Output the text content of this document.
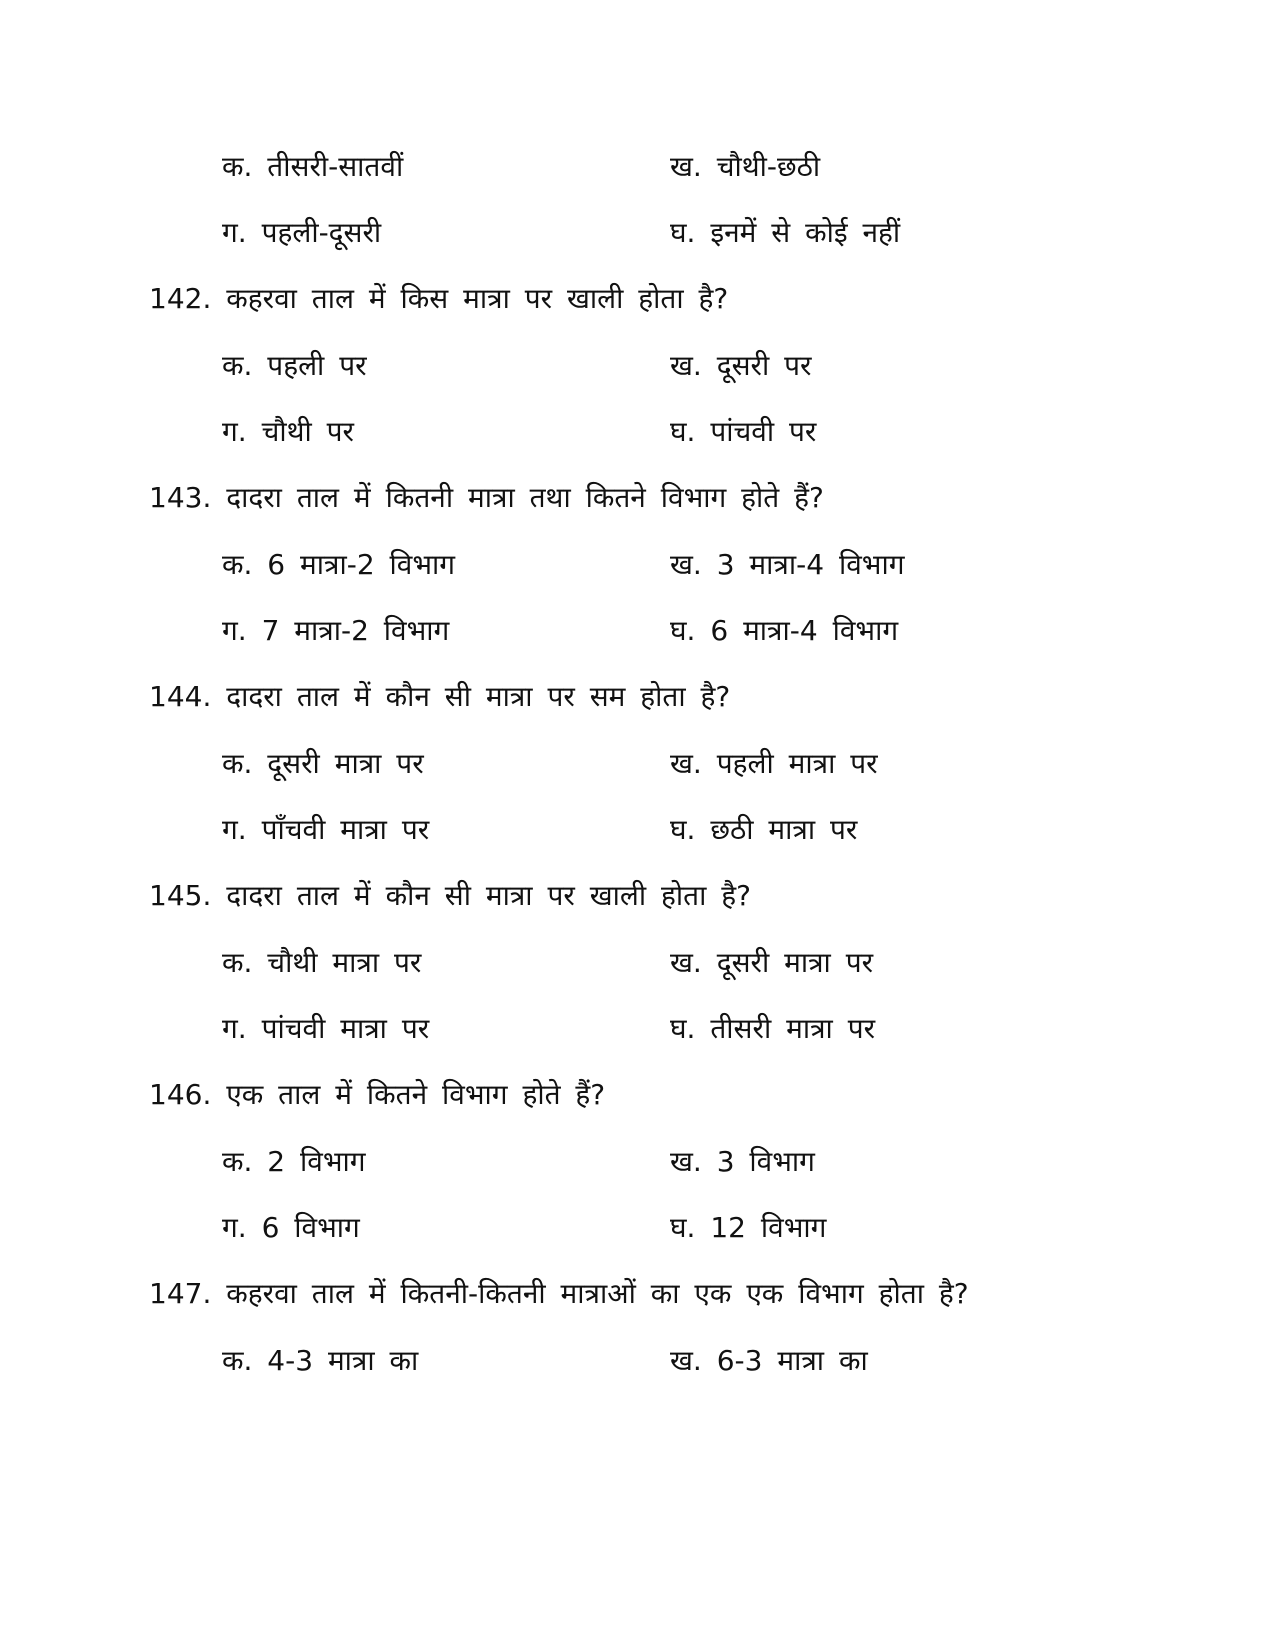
क. तीसरी-सातवीं	ख. चौथी-छठी
ग. पहली-दूसरी	घ. इनमें से कोई नहीं
142. कहरवा ताल में किस मात्रा पर खाली होता है?
क. पहली पर	ख. दूसरी पर
ग. चौथी पर	घ. पांचवी पर
143. दादरा ताल में कितनी मात्रा तथा कितने विभाग होते हैं?
क. 6 मात्रा-2 विभाग	ख. 3 मात्रा-4 विभाग
ग. 7 मात्रा-2 विभाग	घ. 6 मात्रा-4 विभाग
144. दादरा ताल में कौन सी मात्रा पर सम होता है?
क. दूसरी मात्रा पर	ख. पहली मात्रा पर
ग. पाँचवी मात्रा पर	घ. छठी मात्रा पर
145. दादरा ताल में कौन सी मात्रा पर खाली होता है?
क. चौथी मात्रा पर	ख. दूसरी मात्रा पर
ग. पांचवी मात्रा पर	घ. तीसरी मात्रा पर
146. एक ताल में कितने विभाग होते हैं?
क. 2 विभाग	ख. 3 विभाग
ग. 6 विभाग	घ. 12 विभाग
147. कहरवा ताल में कितनी-कितनी मात्राओं का एक एक विभाग होता है?
क. 4-3 मात्रा का	ख. 6-3 मात्रा का
